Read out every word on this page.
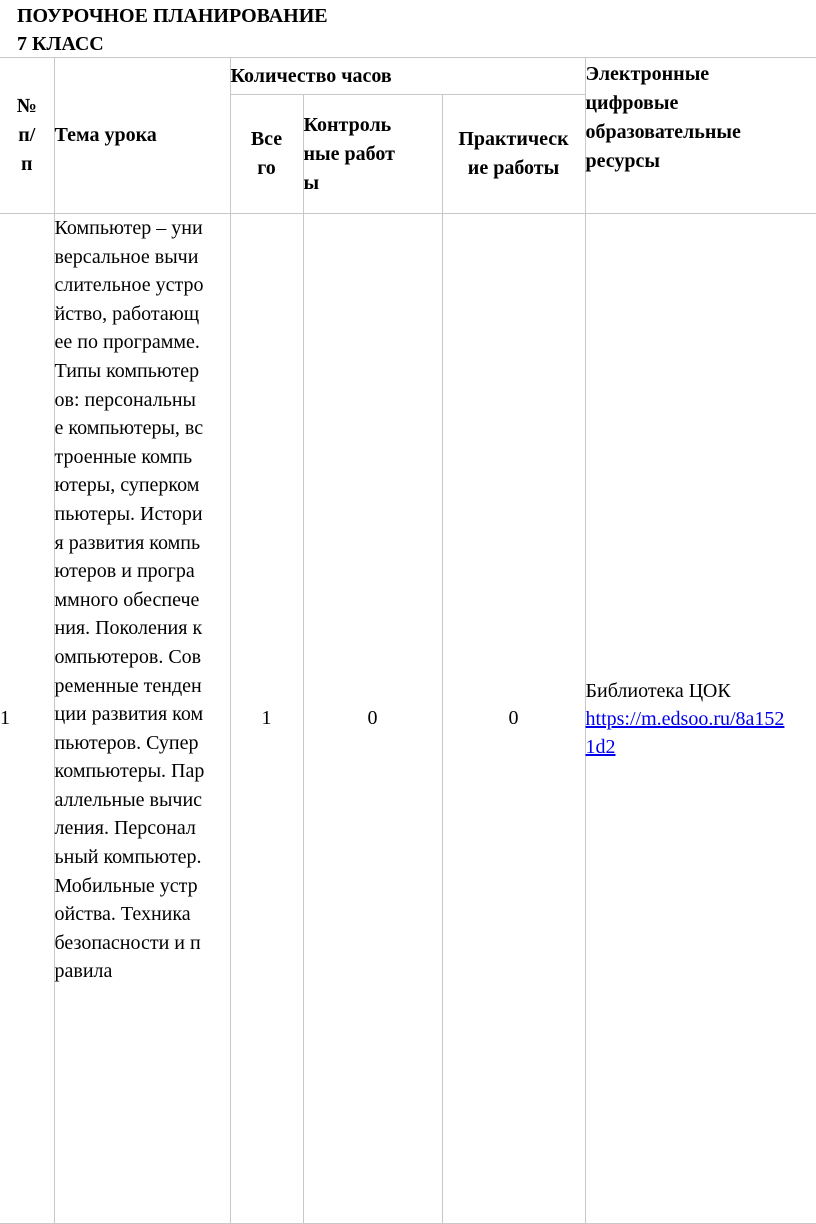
ПОУРОЧНОЕ ПЛАНИРОВАНИЕ
7 КЛАСС
№ п/п	Тема урока	Количество часов			Электронные цифровые образовательные ресурсы

		Всего	Контрольные работы	Практические работы	

1	Компьютер – универсальное вычислительное устройство, работающее по программе. Типы компьютеров: персональные компьютеры, встроенные компьютеры, суперкомпьютеры. История развития компьютеров и программного обеспечения. Поколения компьютеров. Современные тенденции развития компьютеров. Суперкомпьютеры. Параллельные вычисления. Персональный компьютер. Мобильные устройства. Техника безопасности и правила	1	0	0	Библиотека ЦОК
https://m.edsoo.ru/8a1521d2
